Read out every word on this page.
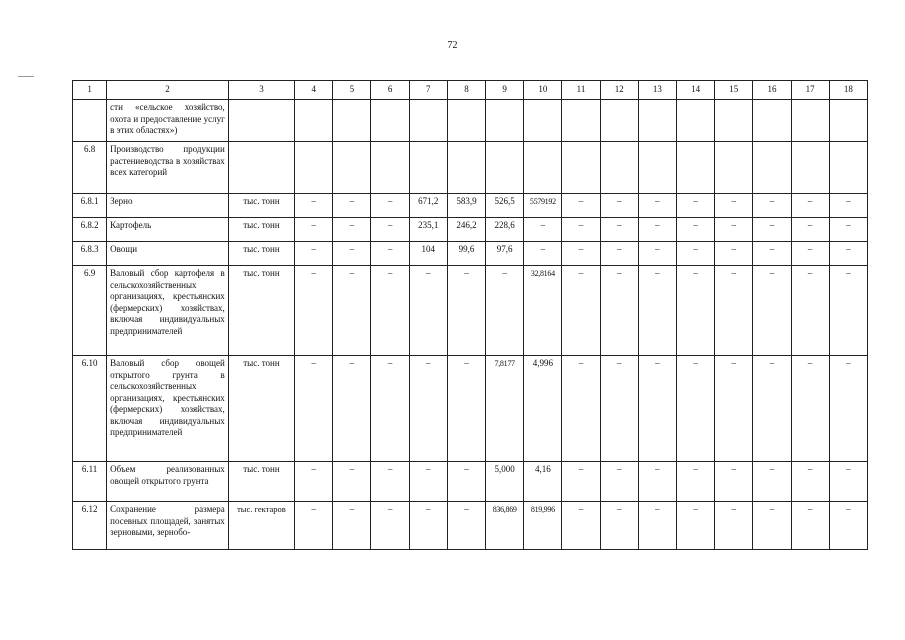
72
1	2	3	4	5	6	7	8	9	10	11	12	13	14	15	16	17	18
	сти «сельское хозяйство, охота и предоставление услуг в этих областях»)																
6.8	Производство продукции растениеводства в хозяйствах всех категорий																
6.8.1	Зерно	тыс. тонн	–	–	–	671,2	583,9	526,5	5579192	–	–	–	–	–	–	–	–
6.8.2	Картофель	тыс. тонн	–	–	–	235,1	246,2	228,6	–	–	–	–	–	–	–	–	–
6.8.3	Овощи	тыс. тонн	–	–	–	104	99,6	97,6	–	–	–	–	–	–	–	–	–
6.9	Валовый сбор картофеля в сельскохозяйственных организациях, крестьянских (фермерских) хозяйствах, включая индивидуальных предпринимателей	тыс. тонн	–	–	–	–	–	–	32,8164	–	–	–	–	–	–	–	–
6.10	Валовый сбор овощей открытого грунта в сельскохозяйственных организациях, крестьянских (фермерских) хозяйствах, включая индивидуальных предпринимателей	тыс. тонн	–	–	–	–	–	7,8177	4,996	–	–	–	–	–	–	–	–
6.11	Объем реализованных овощей открытого грунта	тыс. тонн	–	–	–	–	–	5,000	4,16	–	–	–	–	–	–	–	–
6.12	Сохранение размера посевных площадей, занятых зерновыми, зернобо-	тыс. гектаров	–	–	–	–	–	836,869	819,996	–	–	–	–	–	–	–	–
